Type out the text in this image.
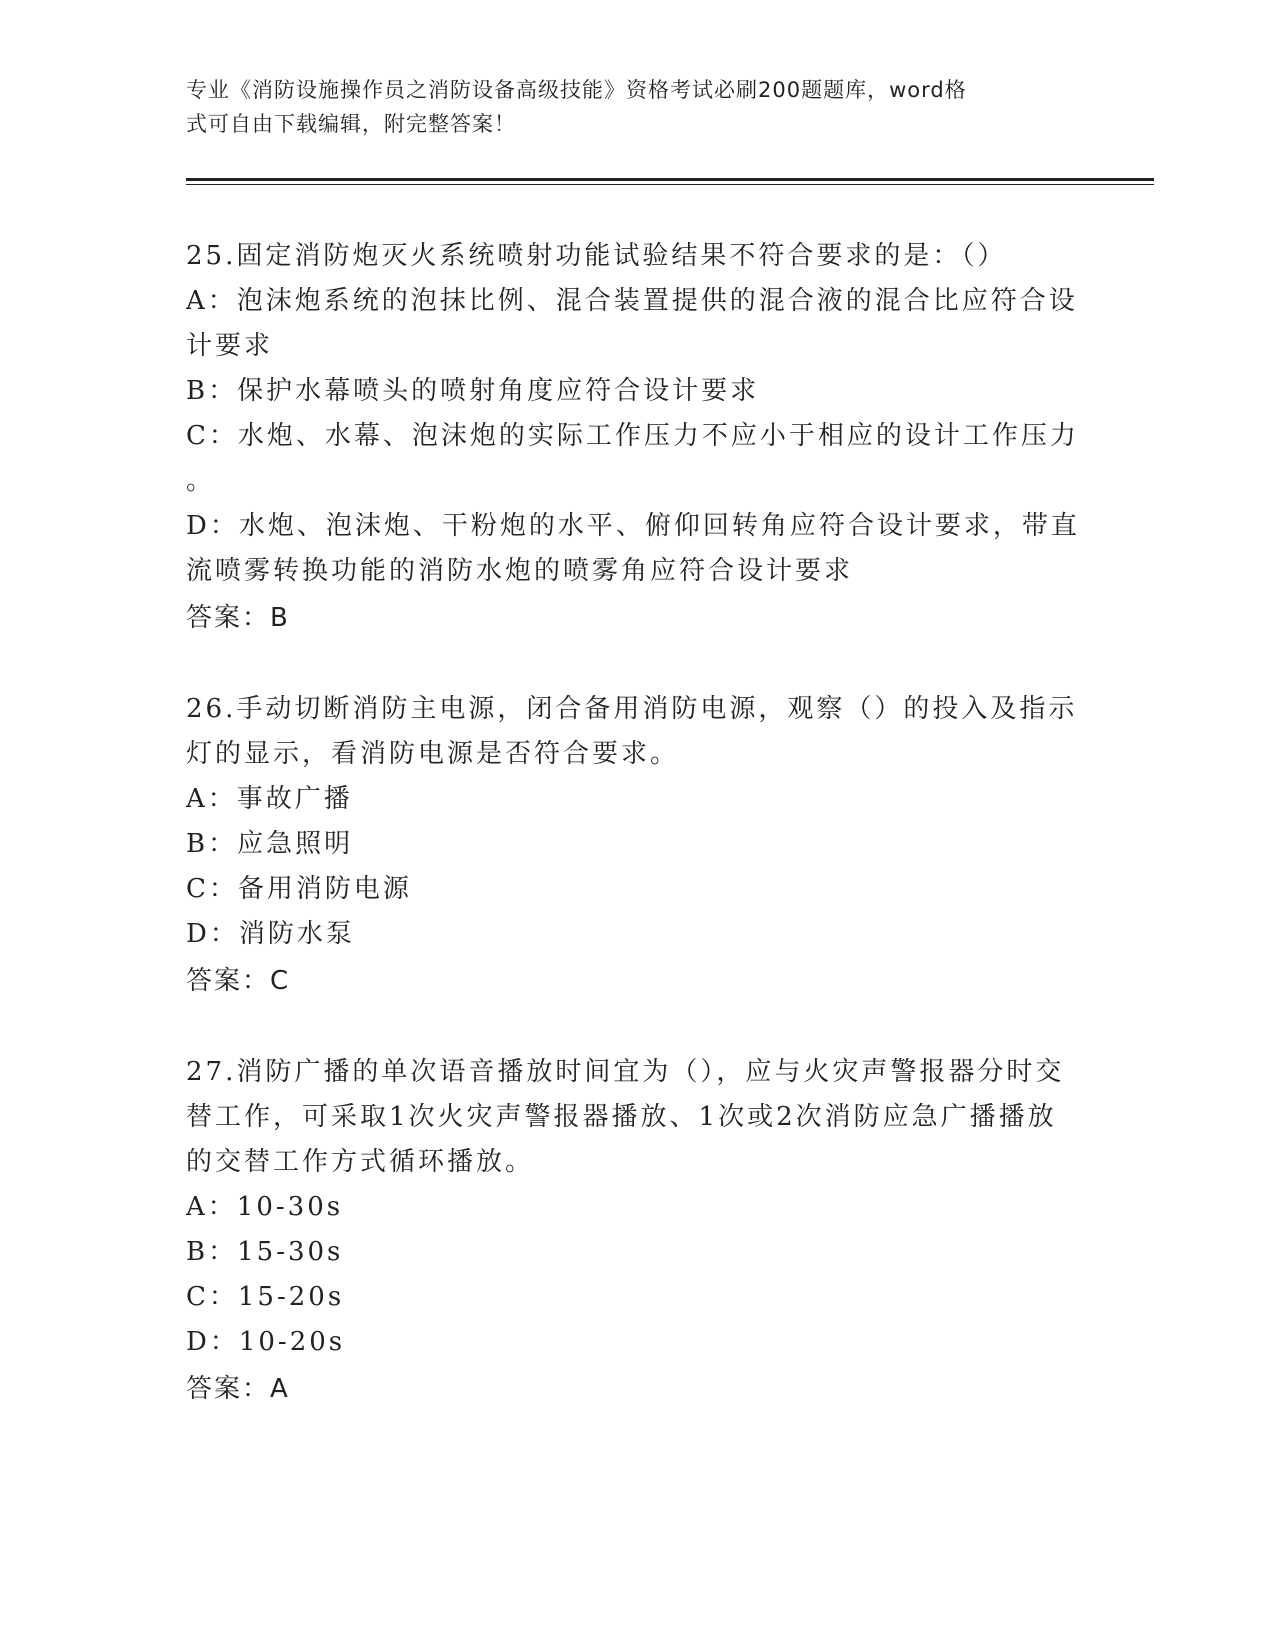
专业《消防设施操作员之消防设备高级技能》资格考试必刷200题题库，word格
式可自由下载编辑，附完整答案！

25.固定消防炮灭火系统喷射功能试验结果不符合要求的是：（）

A：泡沫炮系统的泡抹比例、混合装置提供的混合液的混合比应符合设

计要求

B：保护水幕喷头的喷射角度应符合设计要求

C：水炮、水幕、泡沫炮的实际工作压力不应小于相应的设计工作压力

。

D：水炮、泡沫炮、干粉炮的水平、俯仰回转角应符合设计要求，带直

流喷雾转换功能的消防水炮的喷雾角应符合设计要求

答案：B

26.手动切断消防主电源，闭合备用消防电源，观察（）的投入及指示

灯的显示，看消防电源是否符合要求。

A：事故广播

B：应急照明

C：备用消防电源

D：消防水泵

答案：C

27.消防广播的单次语音播放时间宜为（），应与火灾声警报器分时交

替工作，可采取1次火灾声警报器播放、1次或2次消防应急广播播放

的交替工作方式循环播放。

A：10-30s

B：15-30s

C：15-20s

D：10-20s

答案：A
